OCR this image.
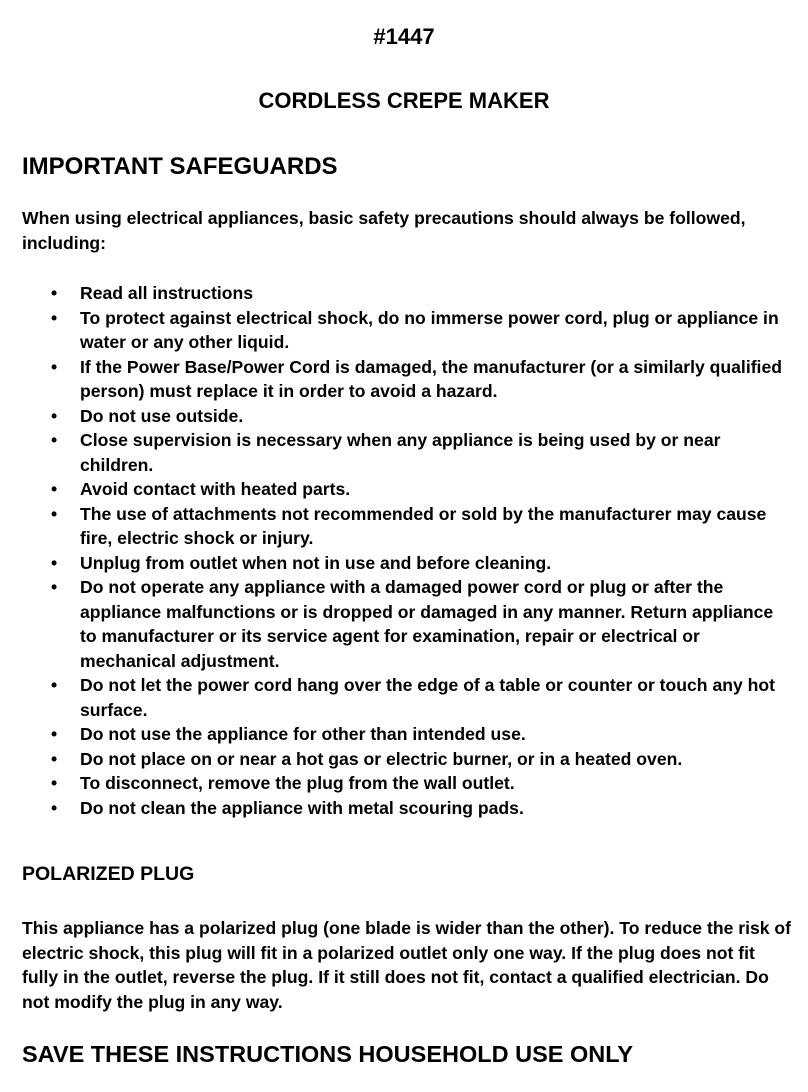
#1447
CORDLESS CREPE MAKER
IMPORTANT SAFEGUARDS

When using electrical appliances, basic safety precautions should always be followed, including:

• Read all instructions
• To protect against electrical shock, do no immerse power cord, plug or appliance in water or any other liquid.
• If the Power Base/Power Cord is damaged, the manufacturer (or a similarly qualified person) must replace it in order to avoid a hazard.
• Do not use outside.
• Close supervision is necessary when any appliance is being used by or near children.
• Avoid contact with heated parts.
• The use of attachments not recommended or sold by the manufacturer may cause fire, electric shock or injury.
• Unplug from outlet when not in use and before cleaning.
• Do not operate any appliance with a damaged power cord or plug or after the appliance malfunctions or is dropped or damaged in any manner. Return appliance to manufacturer or its service agent for examination, repair or electrical or mechanical adjustment.
• Do not let the power cord hang over the edge of a table or counter or touch any hot surface.
• Do not use the appliance for other than intended use.
• Do not place on or near a hot gas or electric burner, or in a heated oven.
• To disconnect, remove the plug from the wall outlet.
• Do not clean the appliance with metal scouring pads.
POLARIZED PLUG

This appliance has a polarized plug (one blade is wider than the other). To reduce the risk of electric shock, this plug will fit in a polarized outlet only one way. If the plug does not fit fully in the outlet, reverse the plug. If it still does not fit, contact a qualified electrician. Do not modify the plug in any way.

SAVE THESE INSTRUCTIONS HOUSEHOLD USE ONLY
